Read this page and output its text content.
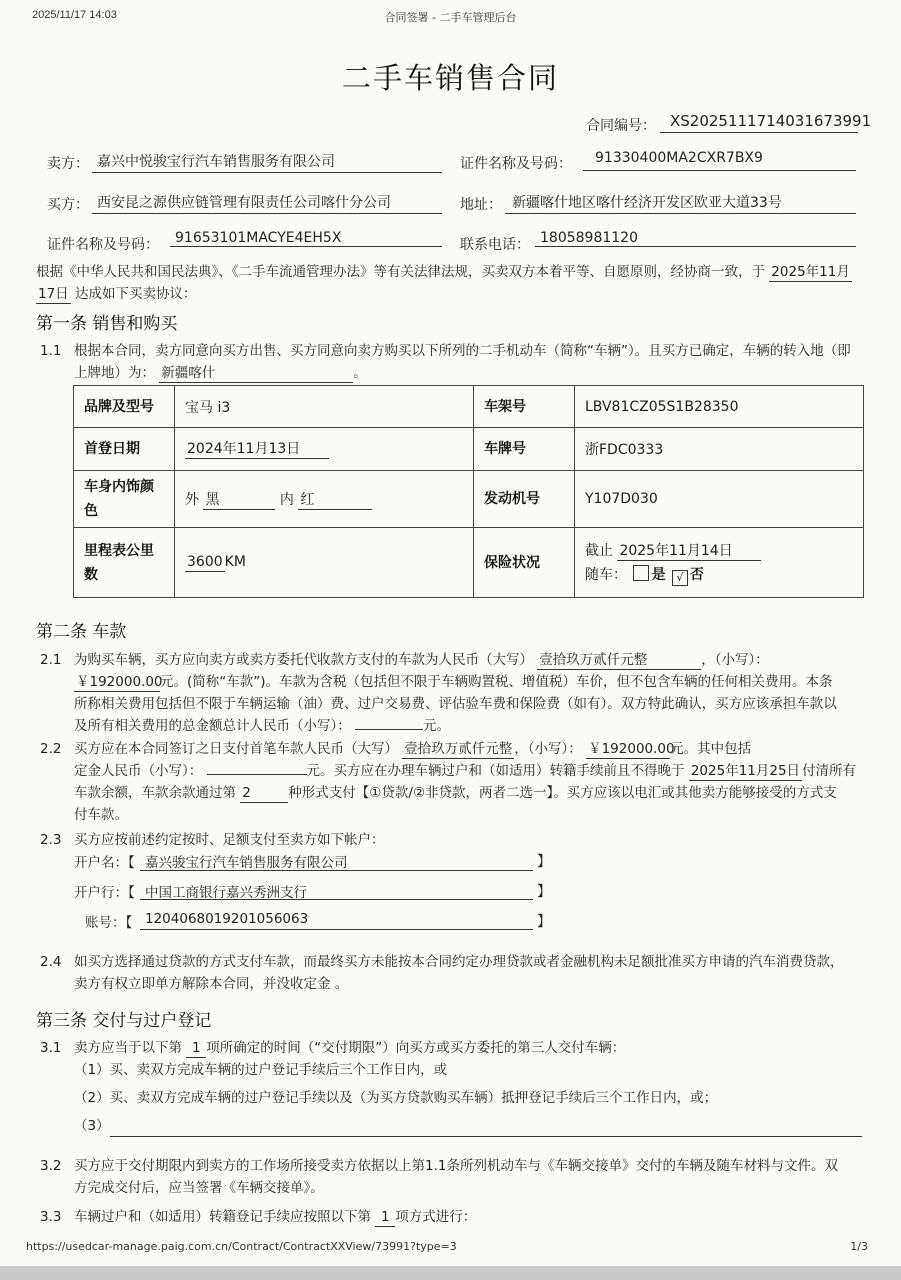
2025/11/17 14:03	合同签署 - 二手车管理后台
二手车销售合同
合同编号： XS2025111714031673991
卖方： 嘉兴中悦骏宝行汽车销售服务有限公司	证件名称及号码： 91330400MA2CXR7BX9
买方： 西安昆之源供应链管理有限责任公司喀什分公司	地址： 新疆喀什地区喀什经济开发区欧亚大道33号
证件名称及号码： 91653101MACYE4EH5X	联系电话： 18058981120
根据《中华人民共和国民法典》、《二手车流通管理办法》等有关法律法规，买卖双方本着平等、自愿原则，经协商一致，于 2025年11月
17日 达成如下买卖协议：
第一条 销售和购买
1.1 根据本合同，卖方同意向买方出售、买方同意向卖方购买以下所列的二手机动车（简称“车辆”）。且买方已确定，车辆的转入地（即
上牌地）为： 新疆喀什	。
品牌及型号	宝马 i3	车架号	LBV81CZ05S1B28350
首登日期	2024年11月13日	车牌号	浙FDC0333
车身内饰颜色	外 黑 内 红	发动机号	Y107D030
里程表公里数	3600 KM	保险状况	截止 2025年11月14日
随车： 是 √ 否
第二条 车款
2.1 为购买车辆，买方应向卖方或卖方委托代收款方支付的车款为人民币（大写） 壹拾玖万贰仟元整	，（小写）：
￥192000.00元。(简称“车款”)。车款为含税（包括但不限于车辆购置税、增值税）车价，但不包含车辆的任何相关费用。本条
所称相关费用包括但不限于车辆运输（油）费、过户交易费、评估验车费和保险费（如有）。双方特此确认，买方应该承担车款以
及所有相关费用的总金额总计人民币（小写）：	元。
2.2 买方应在本合同签订之日支付首笔车款人民币（大写） 壹拾玖万贰仟元整 ，（小写）： ￥192000.00元。其中包括
定金人民币（小写）：	元。买方应在办理车辆过户和（如适用）转籍手续前且不得晚于 2025年11月25日 付清所有
车款余额，车款余款通过第 2	种形式支付【①贷款/②非贷款，两者二选一】。买方应该以电汇或其他卖方能够接受的方式支
付车款。
2.3 买方应按前述约定按时、足额支付至卖方如下帐户：
开户名：【 嘉兴骏宝行汽车销售服务有限公司	】
开户行：【 中国工商银行嘉兴秀洲支行	】
账号：【 1204068019201056063	】
2.4 如买方选择通过贷款的方式支付车款，而最终买方未能按本合同约定办理贷款或者金融机构未足额批准买方申请的汽车消费贷款，
卖方有权立即单方解除本合同，并没收定金 。
第三条 交付与过户登记
3.1 卖方应当于以下第 1 项所确定的时间（“交付期限”）向买方或买方委托的第三人交付车辆：
（1）买、卖双方完成车辆的过户登记手续后三个工作日内，或
（2）买、卖双方完成车辆的过户登记手续以及（为买方贷款购买车辆）抵押登记手续后三个工作日内，或；
（3）
3.2 买方应于交付期限内到卖方的工作场所接受卖方依据以上第1.1条所列机动车与《车辆交接单》交付的车辆及随车材料与文件。双
方完成交付后，应当签署《车辆交接单》。
3.3 车辆过户和（如适用）转籍登记手续应按照以下第 1 项方式进行：
https://usedcar-manage.paig.com.cn/Contract/ContractXXView/73991?type=3	1/3
